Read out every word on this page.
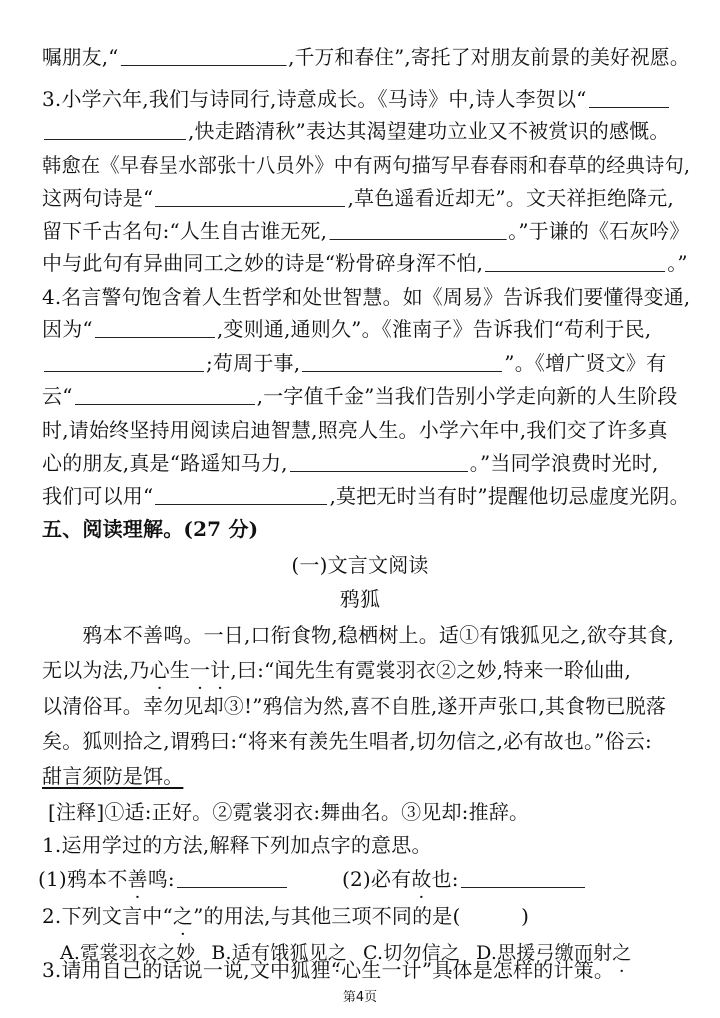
嘱朋友,“	,千万和春住”,寄托了对朋友前景的美好祝愿。
3.小学六年,我们与诗同行,诗意成长。《马诗》中,诗人李贺以“
,快走踏清秋”表达其渴望建功立业又不被赏识的感慨。
韩愈在《早春呈水部张十八员外》中有两句描写早春春雨和春草的经典诗句,
这两句诗是“	,草色遥看近却无”。文天祥拒绝降元,
留下千古名句:“人生自古谁无死,	。”于谦的《石灰吟》
中与此句有异曲同工之妙的诗是“粉骨碎身浑不怕,	。”
4.名言警句饱含着人生哲学和处世智慧。如《周易》告诉我们要懂得变通,
因为“	,变则通,通则久”。《淮南子》告诉我们“苟利于民,
;苟周于事,	”。《增广贤文》有
云“	,一字值千金”当我们告别小学走向新的人生阶段
时,请始终坚持用阅读启迪智慧,照亮人生。小学六年中,我们交了许多真
心的朋友,真是“路遥知马力,	。”当同学浪费时光时,
我们可以用“	,莫把无时当有时”提醒他切忌虚度光阴。
五、阅读理解。(27 分)
(一)文言文阅读
鸦狐
　　鸦本不善鸣。一日,口衔食物,稳栖树上。适①有饿狐见之,欲夺其食,
无以为法,乃心生一计,曰:“闻先生有霓裳羽衣②之妙,特来一聆仙曲,
以清俗耳。幸勿见却③!”鸦信为然,喜不自胜,遂开声张口,其食物已脱落
矣。狐则拾之,谓鸦曰:“将来有羡先生唱者,切勿信之,必有故也。”俗云:
甜言须防是饵。
[注释]①适:正好。②霓裳羽衣:舞曲名。③见却:推辞。
1.运用学过的方法,解释下列加点字的意思。
(1)鸦本不善鸣:	(2)必有故也:
2.下列文言中“之”的用法,与其他三项不同的是(　　　)
A.霓裳羽衣之妙 B.适有饿狐见之 C.切勿信之 D.思援弓缴而射之
3.请用自己的话说一说,文中狐狸“心生一计”具体是怎样的计策。
第4页
